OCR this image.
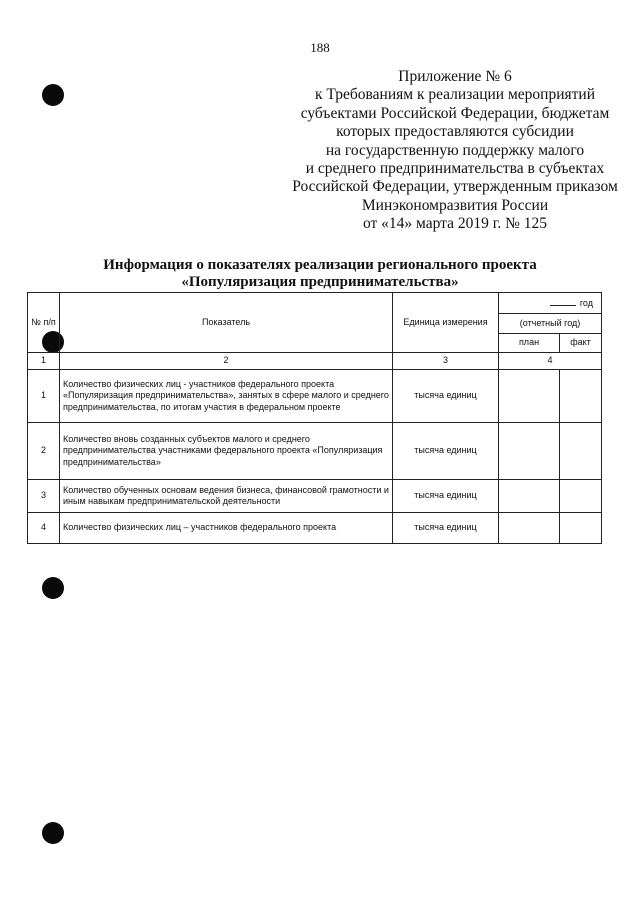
188
Приложение № 6
к Требованиям к реализации мероприятий
субъектами Российской Федерации, бюджетам
которых предоставляются субсидии
на государственную поддержку малого
и среднего предпринимательства в субъектах
Российской Федерации, утвержденным приказом
Минэкономразвития России
от «14» марта 2019 г. № 125
Информация о показателях реализации регионального проекта
«Популяризация предпринимательства»
№ п/п	Показатель	Единица измерения	год	
			(отчетный год)	
			план	факт
1	2	3	4	
1	Количество физических лиц - участников федерального проекта «Популяризация предпринимательства», занятых в сфере малого и среднего предпринимательства, по итогам участия в федеральном проекте	тысяча единиц		
2	Количество вновь созданных субъектов малого и среднего предпринимательства участниками федерального проекта «Популяризация предпринимательства»	тысяча единиц		
3	Количество обученных основам ведения бизнеса, финансовой грамотности и иным навыкам предпринимательской деятельности	тысяча единиц		
4	Количество физических лиц – участников федерального проекта	тысяча единиц		
